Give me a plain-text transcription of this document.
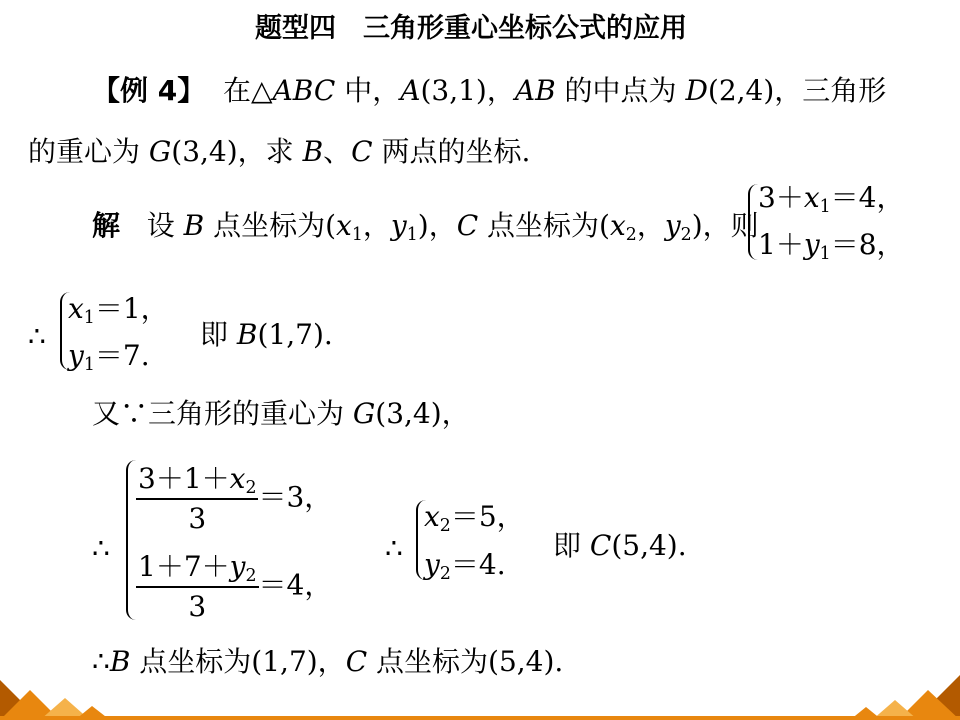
题型四　三角形重心坐标公式的应用
【例 4】  在△ABC 中，A(3,1)，AB 的中点为 D(2,4)，三角形
的重心为 G(3,4)，求 B、C 两点的坐标.
解   设 B 点坐标为($x_1$，$y_1$)，C 点坐标为($x_2$，$y_2$)，则
$3+x_1=4$，
$1+y_1=8$，
∴
$x_1=1$，
$y_1=7$.
即 B(1,7).
又∵三角形的重心为 G(3,4)，
∴
$\frac{3+1+x_2}{3} =3$，
$\frac{1+7+y_2}{3} =4$，
∴
$x_2=5$，
$y_2=4$.
即 C(5,4).
∴B 点坐标为(1,7)，C 点坐标为(5,4).
